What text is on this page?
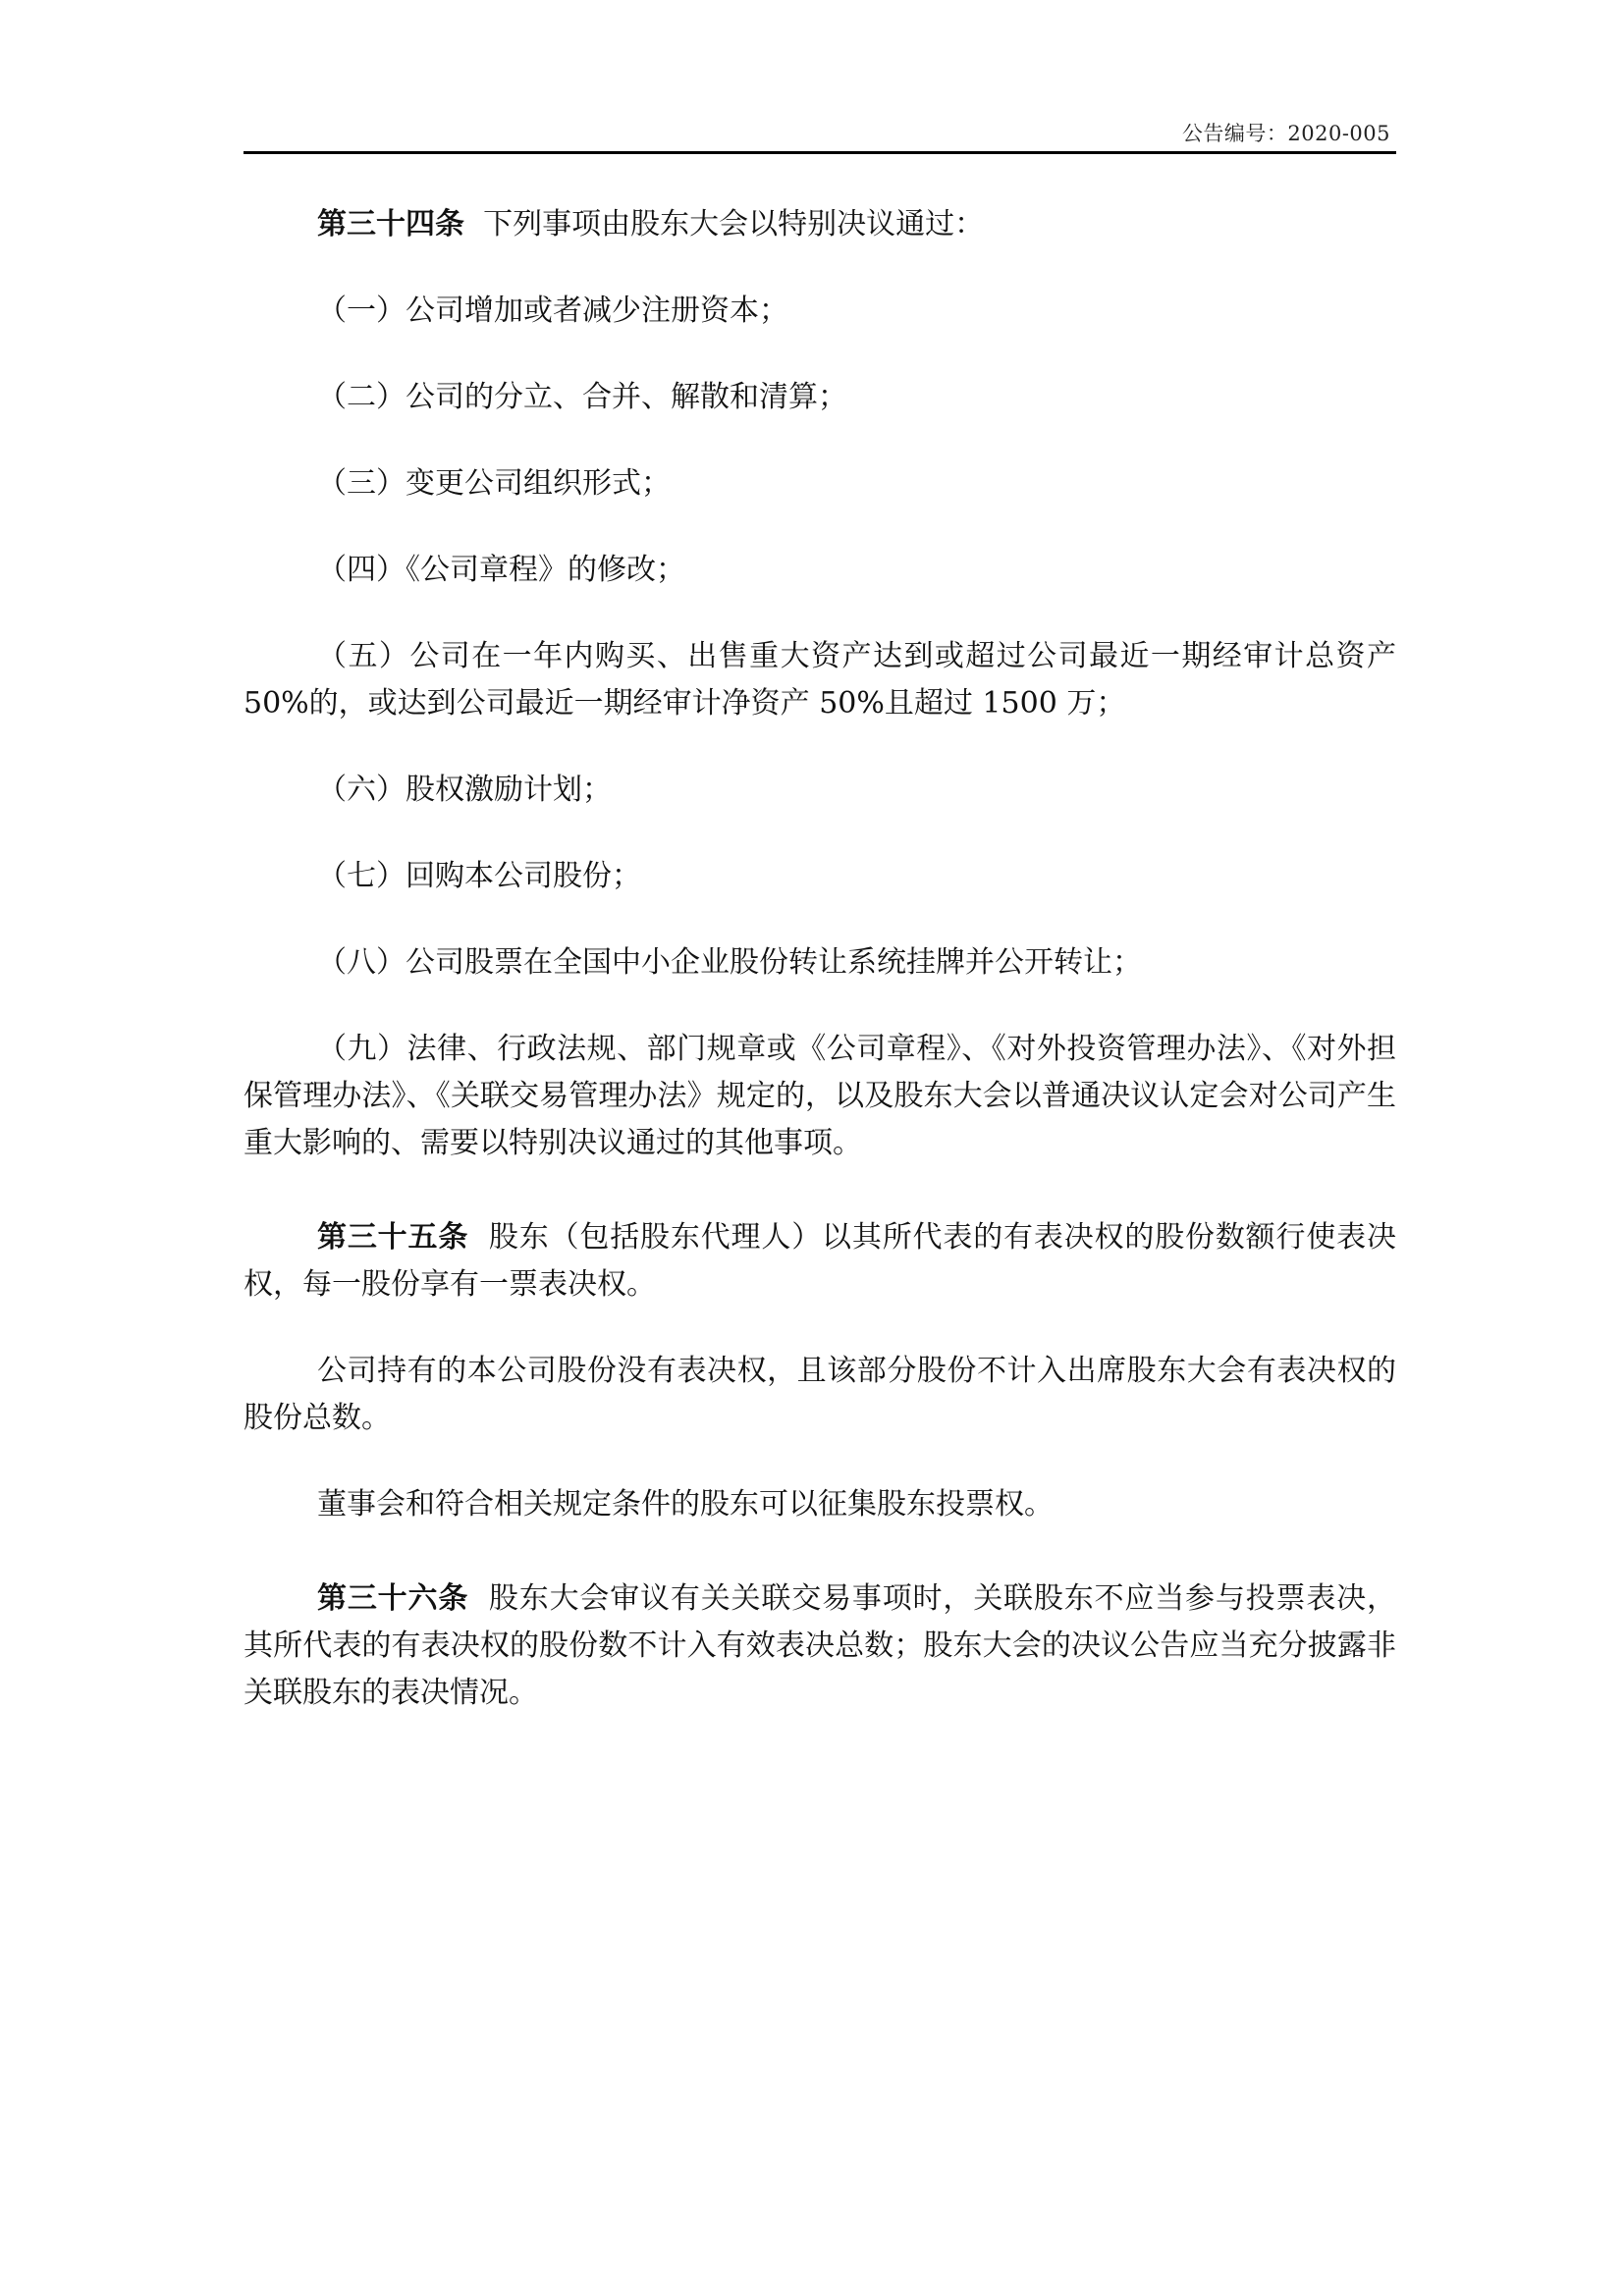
公告编号：2020-005

第三十四条 下列事项由股东大会以特别决议通过：

（一）公司增加或者减少注册资本；

（二）公司的分立、合并、解散和清算；

（三）变更公司组织形式；

（四）《公司章程》的修改；

（五）公司在一年内购买、出售重大资产达到或超过公司最近一期经审计总资产 50%的，或达到公司最近一期经审计净资产 50%且超过 1500 万；

（六）股权激励计划；

（七）回购本公司股份；

（八）公司股票在全国中小企业股份转让系统挂牌并公开转让；

（九）法律、行政法规、部门规章或《公司章程》、《对外投资管理办法》、《对外担保管理办法》、《关联交易管理办法》规定的，以及股东大会以普通决议认定会对公司产生重大影响的、需要以特别决议通过的其他事项。

第三十五条 股东（包括股东代理人）以其所代表的有表决权的股份数额行使表决权，每一股份享有一票表决权。

公司持有的本公司股份没有表决权，且该部分股份不计入出席股东大会有表决权的股份总数。

董事会和符合相关规定条件的股东可以征集股东投票权。

第三十六条 股东大会审议有关关联交易事项时，关联股东不应当参与投票表决，其所代表的有表决权的股份数不计入有效表决总数；股东大会的决议公告应当充分披露非关联股东的表决情况。
